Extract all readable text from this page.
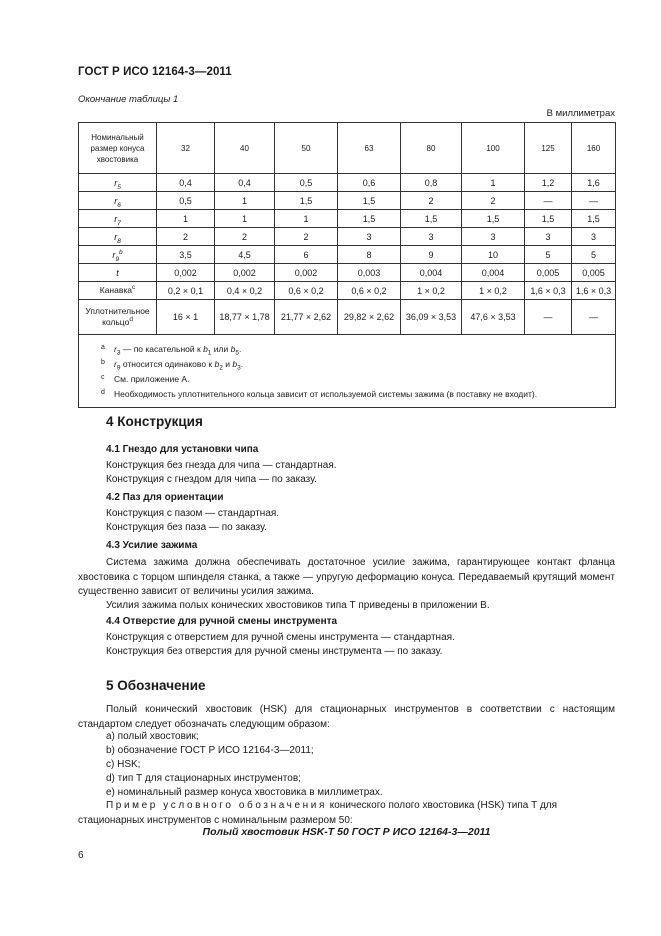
ГОСТ Р ИСО 12164-3—2011
Окончание таблицы 1
В миллиметрах
Номинальный размер конуса хвостовика	32	40	50	63	80	100	125	160
$r_5$	0,4	0,4	0,5	0,6	0,8	1	1,2	1,6
$r_6$	0,5	1	1,5	1,5	2	2	—	—
$r_7$	1	1	1	1,5	1,5	1,5	1,5	1,5
$r_8$	2	2	2	3	3	3	3	3
$r_9^b$	3,5	4,5	6	8	9	10	5	5
t	0,002	0,002	0,002	0,003	0,004	0,004	0,005	0,005
Канавка$^c$	0,2 × 0,1	0,4 × 0,2	0,6 × 0,2	0,6 × 0,2	1 × 0,2	1 × 0,2	1,6 × 0,3	1,6 × 0,3
Уплотнительное кольцо$^d$	16 × 1	18,77 × 1,78	21,77 × 2,62	29,82 × 2,62	36,09 × 3,53	47,6 × 3,53	—	—

a $r_3$ — по касательной к $b_1$ или $b_5$.
b $r_9$ относится одинаково к $b_2$ и $b_3$.
c См. приложение А.
d Необходимость уплотнительного кольца зависит от используемой системы зажима (в поставку не входит).								
4 Конструкция
4.1 Гнездо для установки чипа
Конструкция без гнезда для чипа — стандартная.
Конструкция с гнездом для чипа — по заказу.
4.2 Паз для ориентации
Конструкция с пазом — стандартная.
Конструкция без паза — по заказу.
4.3 Усилие зажима
Система зажима должна обеспечивать достаточное усилие зажима, гарантирующее контакт фланца хвостовика с торцом шпинделя станка, а также — упругую деформацию конуса. Передаваемый крутящий момент существенно зависит от величины усилия зажима.
Усилия зажима полых конических хвостовиков типа Т приведены в приложении В.
4.4 Отверстие для ручной смены инструмента
Конструкция с отверстием для ручной смены инструмента — стандартная.
Конструкция без отверстия для ручной смены инструмента — по заказу.
5 Обозначение
Полый конический хвостовик (HSK) для стационарных инструментов в соответствии с настоящим стандартом следует обозначать следующим образом:
a) полый хвостовик;
b) обозначение ГОСТ Р ИСО 12164-3—2011;
c) HSK;
d) тип Т для стационарных инструментов;
e) номинальный размер конуса хвостовика в миллиметрах.
Пример условного обозначения конического полого хвостовика (HSK) типа Т для стационарных инструментов с номинальным размером 50:
Полый хвостовик HSK-T 50 ГОСТ Р ИСО 12164-3—2011
6
